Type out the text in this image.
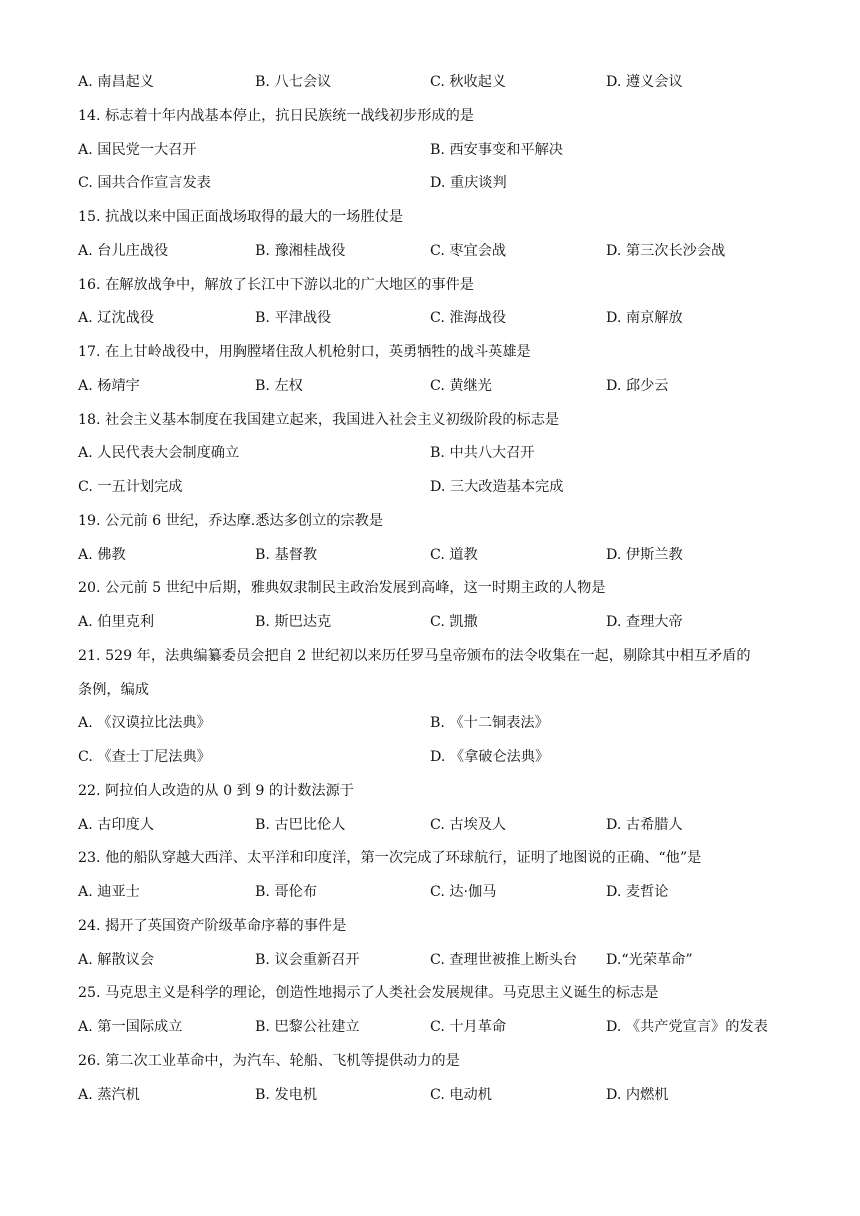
A. 南昌起义	B. 八七会议	C. 秋收起义	D. 遵义会议
14. 标志着十年内战基本停止，抗日民族统一战线初步形成的是
A. 国民党一大召开	B. 西安事变和平解决
C. 国共合作宣言发表	D. 重庆谈判
15. 抗战以来中国正面战场取得的最大的一场胜仗是
A. 台儿庄战役	B. 豫湘桂战役	C. 枣宜会战	D. 第三次长沙会战
16. 在解放战争中，解放了长江中下游以北的广大地区的事件是
A. 辽沈战役	B. 平津战役	C. 淮海战役	D. 南京解放
17. 在上甘岭战役中，用胸膛堵住敌人机枪射口，英勇牺牲的战斗英雄是
A. 杨靖宇	B. 左权	C. 黄继光	D. 邱少云
18. 社会主义基本制度在我国建立起来，我国进入社会主义初级阶段的标志是
A. 人民代表大会制度确立	B. 中共八大召开
C. 一五计划完成	D. 三大改造基本完成
19. 公元前 6 世纪，乔达摩.悉达多创立的宗教是
A. 佛教	B. 基督教	C. 道教	D. 伊斯兰教
20. 公元前 5 世纪中后期，雅典奴隶制民主政治发展到高峰，这一时期主政的人物是
A. 伯里克利	B. 斯巴达克	C. 凯撒	D. 查理大帝
21. 529 年，法典编纂委员会把自 2 世纪初以来历任罗马皇帝颁布的法令收集在一起，剔除其中相互矛盾的
条例，编成
A. 《汉谟拉比法典》	B. 《十二铜表法》
C. 《查士丁尼法典》	D. 《拿破仑法典》
22. 阿拉伯人改造的从 0 到 9 的计数法源于
A. 古印度人	B. 古巴比伦人	C. 古埃及人	D. 古希腊人
23. 他的船队穿越大西洋、太平洋和印度洋，第一次完成了环球航行，证明了地图说的正确、“他”是
A. 迪亚士	B. 哥伦布	C. 达·伽马	D. 麦哲论
24. 揭开了英国资产阶级革命序幕的事件是
A. 解散议会	B. 议会重新召开	C. 查理世被推上断头台 D.“光荣革命”
25. 马克思主义是科学的理论，创造性地揭示了人类社会发展规律。马克思主义诞生的标志是
A. 第一国际成立	B. 巴黎公社建立	C. 十月革命	D. 《共产党宣言》的发表
26. 第二次工业革命中，为汽车、轮船、飞机等提供动力的是
A. 蒸汽机	B. 发电机	C. 电动机	D. 内燃机
